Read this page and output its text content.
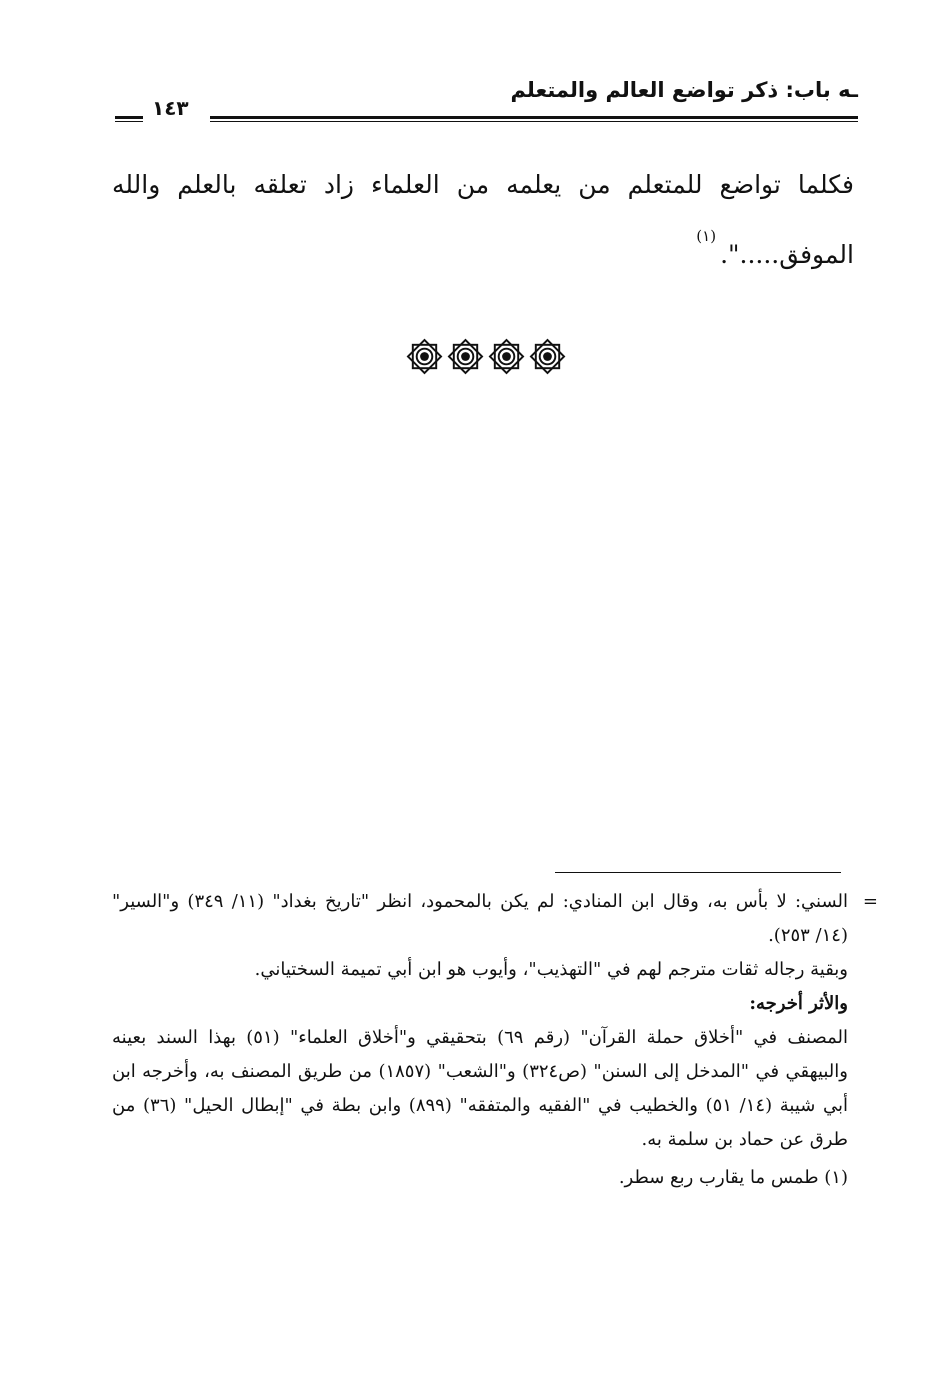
ـه باب: ذكر تواضع العالم والمتعلم
١٤٣
فكلما تواضع للمتعلم من يعلمه من العلماء زاد تعلقه بالعلم والله الموفق.....".$^{(١)}$

=
السني: لا بأس به، وقال ابن المنادي: لم يكن بالمحمود، انظر "تاريخ بغداد" (١١/ ٣٤٩) و"السير" (١٤/ ٢٥٣).

وبقية رجاله ثقات مترجم لهم في "التهذيب"، وأيوب هو ابن أبي تميمة السختياني.

والأثر أخرجه:

المصنف في "أخلاق حملة القرآن" (رقم ٦٩) بتحقيقي و"أخلاق العلماء" (٥١) بهذا السند بعينه والبيهقي في "المدخل إلى السنن" (ص٣٢٤) و"الشعب" (١٨٥٧) من طريق المصنف به، وأخرجه ابن أبي شيبة (١٤/ ٥١) والخطيب في "الفقيه والمتفقه" (٨٩٩) وابن بطة في "إبطال الحيل" (٣٦) من طرق عن حماد بن سلمة به.

(١) طمس ما يقارب ربع سطر.
